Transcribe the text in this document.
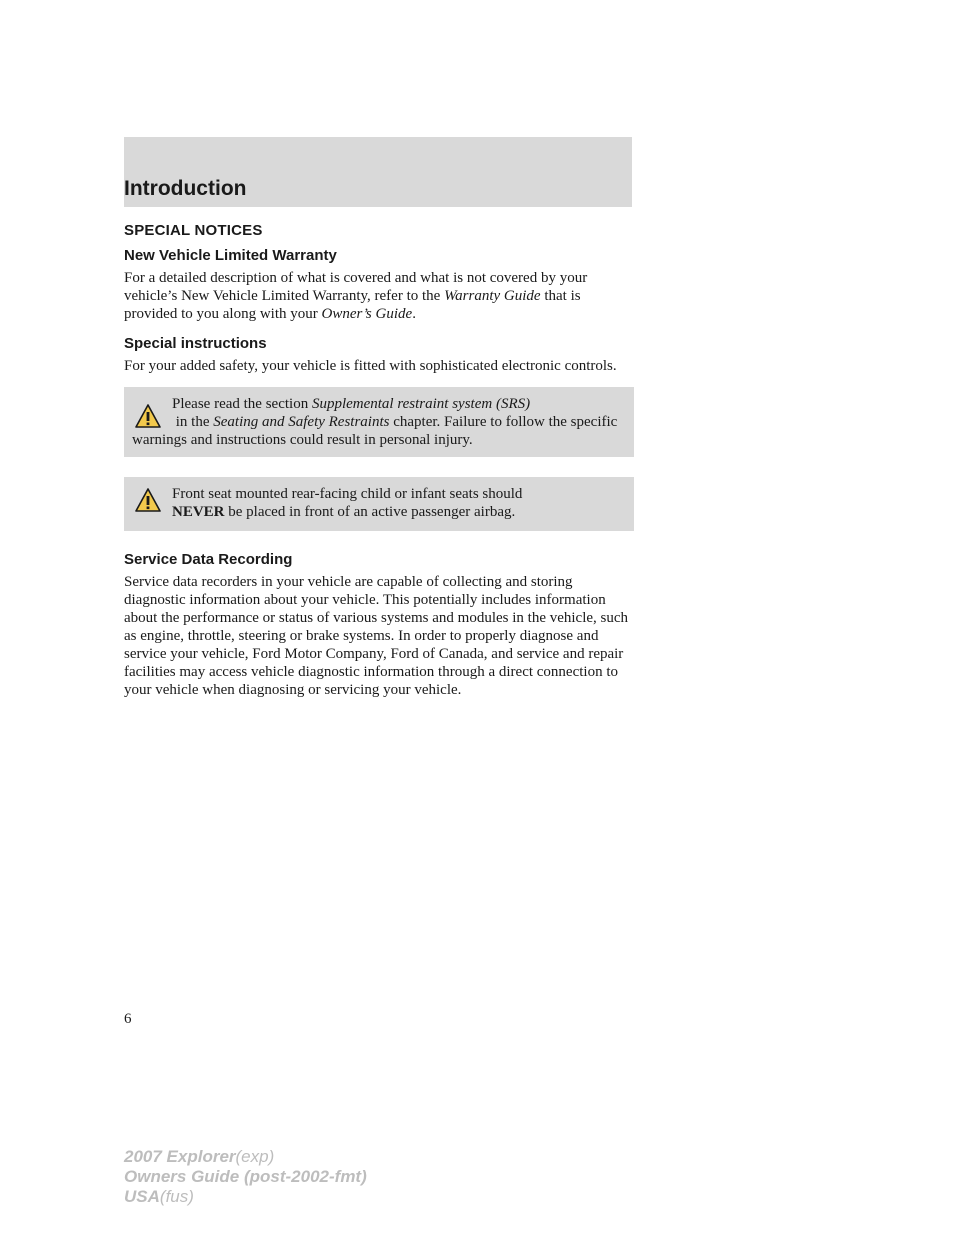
Introduction
SPECIAL NOTICES
New Vehicle Limited Warranty

For a detailed description of what is covered and what is not covered by your vehicle’s New Vehicle Limited Warranty, refer to the Warranty Guide that is provided to you along with your Owner’s Guide.

Special instructions

For your added safety, your vehicle is fitted with sophisticated electronic controls.

Please read the section Supplemental restraint system (SRS)
in the Seating and Safety Restraints chapter. Failure to follow the specific warnings and instructions could result in personal injury.
Front seat mounted rear-facing child or infant seats should
NEVER be placed in front of an active passenger airbag.
Service Data Recording

Service data recorders in your vehicle are capable of collecting and storing diagnostic information about your vehicle. This potentially includes information about the performance or status of various systems and modules in the vehicle, such as engine, throttle, steering or brake systems. In order to properly diagnose and service your vehicle, Ford Motor Company, Ford of Canada, and service and repair facilities may access vehicle diagnostic information through a direct connection to your vehicle when diagnosing or servicing your vehicle.

6
2007 Explorer(exp)
Owners Guide (post-2002-fmt)
USA(fus)
